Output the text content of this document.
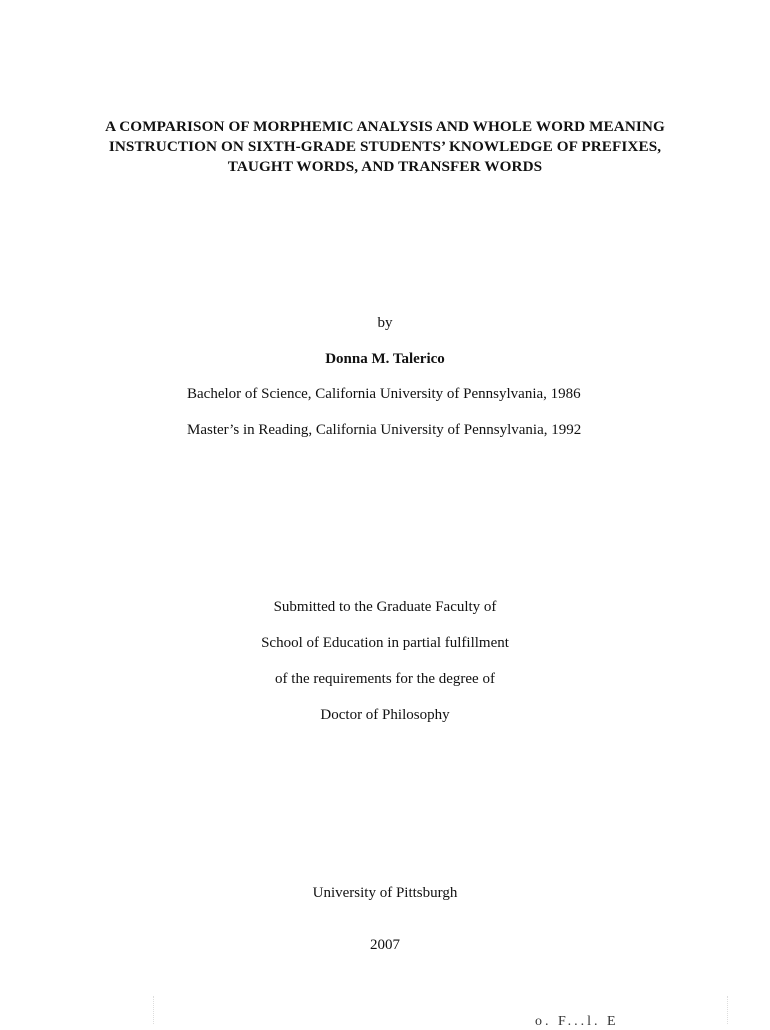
A COMPARISON OF MORPHEMIC ANALYSIS AND WHOLE WORD MEANING
INSTRUCTION ON SIXTH-GRADE STUDENTS’ KNOWLEDGE OF PREFIXES,
TAUGHT WORDS, AND TRANSFER WORDS
by
Donna M. Talerico
Bachelor of Science, California University of Pennsylvania, 1986
Master’s in Reading, California University of Pennsylvania, 1992
Submitted to the Graduate Faculty of
School of Education in partial fulfillment
of the requirements for the degree of
Doctor of Philosophy
University of Pittsburgh
2007
o. F...l. E
